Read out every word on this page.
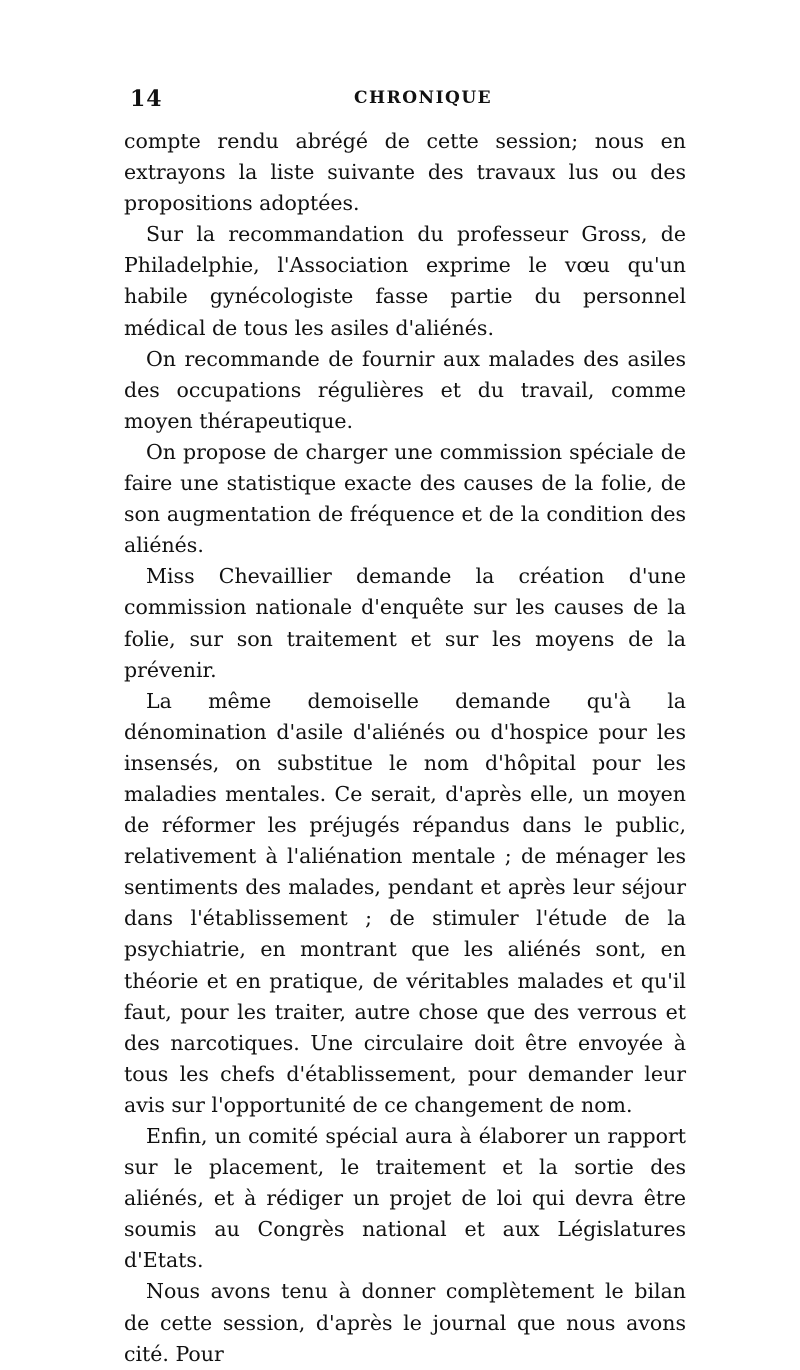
14	CHRONIQUE

compte rendu abrégé de cette session; nous en extrayons la liste suivante des travaux lus ou des propositions adoptées.

Sur la recommandation du professeur Gross, de Philadelphie, l'Association exprime le vœu qu'un habile gynécologiste fasse partie du personnel médical de tous les asiles d'aliénés.

On recommande de fournir aux malades des asiles des occupations régulières et du travail, comme moyen thérapeutique.

On propose de charger une commission spéciale de faire une statistique exacte des causes de la folie, de son augmentation de fréquence et de la condition des aliénés.

Miss Chevaillier demande la création d'une commission nationale d'enquête sur les causes de la folie, sur son traitement et sur les moyens de la prévenir.

La même demoiselle demande qu'à la dénomination d'asile d'aliénés ou d'hospice pour les insensés, on substitue le nom d'hôpital pour les maladies mentales. Ce serait, d'après elle, un moyen de réformer les préjugés répandus dans le public, relativement à l'aliénation mentale ; de ménager les sentiments des malades, pendant et après leur séjour dans l'établissement ; de stimuler l'étude de la psychiatrie, en montrant que les aliénés sont, en théorie et en pratique, de véritables malades et qu'il faut, pour les traiter, autre chose que des verrous et des narcotiques. Une circulaire doit être envoyée à tous les chefs d'établissement, pour demander leur avis sur l'opportunité de ce changement de nom.

Enfin, un comité spécial aura à élaborer un rapport sur le placement, le traitement et la sortie des aliénés, et à rédiger un projet de loi qui devra être soumis au Congrès national et aux Législatures d'Etats.

Nous avons tenu à donner complètement le bilan de cette session, d'après le journal que nous avons cité. Pour
